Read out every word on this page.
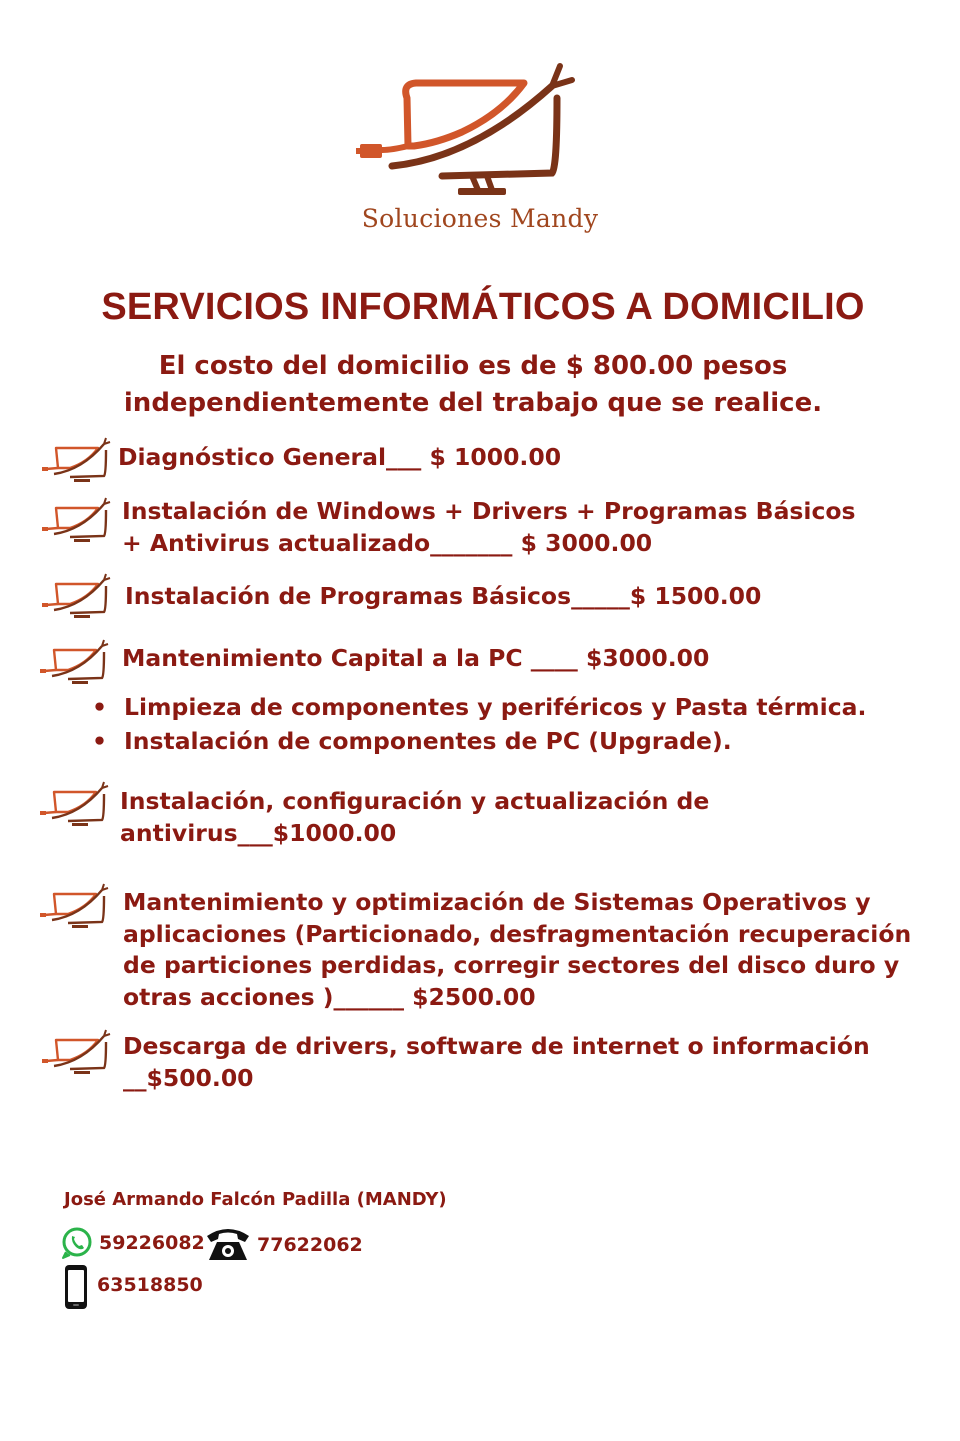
Soluciones Mandy
SERVICIOS INFORMÁTICOS A DOMICILIO
El costo del domicilio es de $ 800.00 pesos
independientemente del trabajo que se realice.
Diagnóstico General___ $ 1000.00
Instalación de Windows + Drivers + Programas Básicos
+ Antivirus actualizado_______ $ 3000.00
Instalación de Programas Básicos_____$ 1500.00
Mantenimiento Capital a la PC ____ $3000.00
• Limpieza de componentes y periféricos y Pasta térmica.
• Instalación de componentes de PC (Upgrade).
Instalación, configuración y actualización de
antivirus___$1000.00
Mantenimiento y optimización de Sistemas Operativos y
aplicaciones (Particionado, desfragmentación recuperación
de particiones perdidas, corregir sectores del disco duro y
otras acciones )______ $2500.00
Descarga de drivers, software de internet o información
__$500.00
José Armando Falcón Padilla (MANDY)
59226082	77622062
63518850
